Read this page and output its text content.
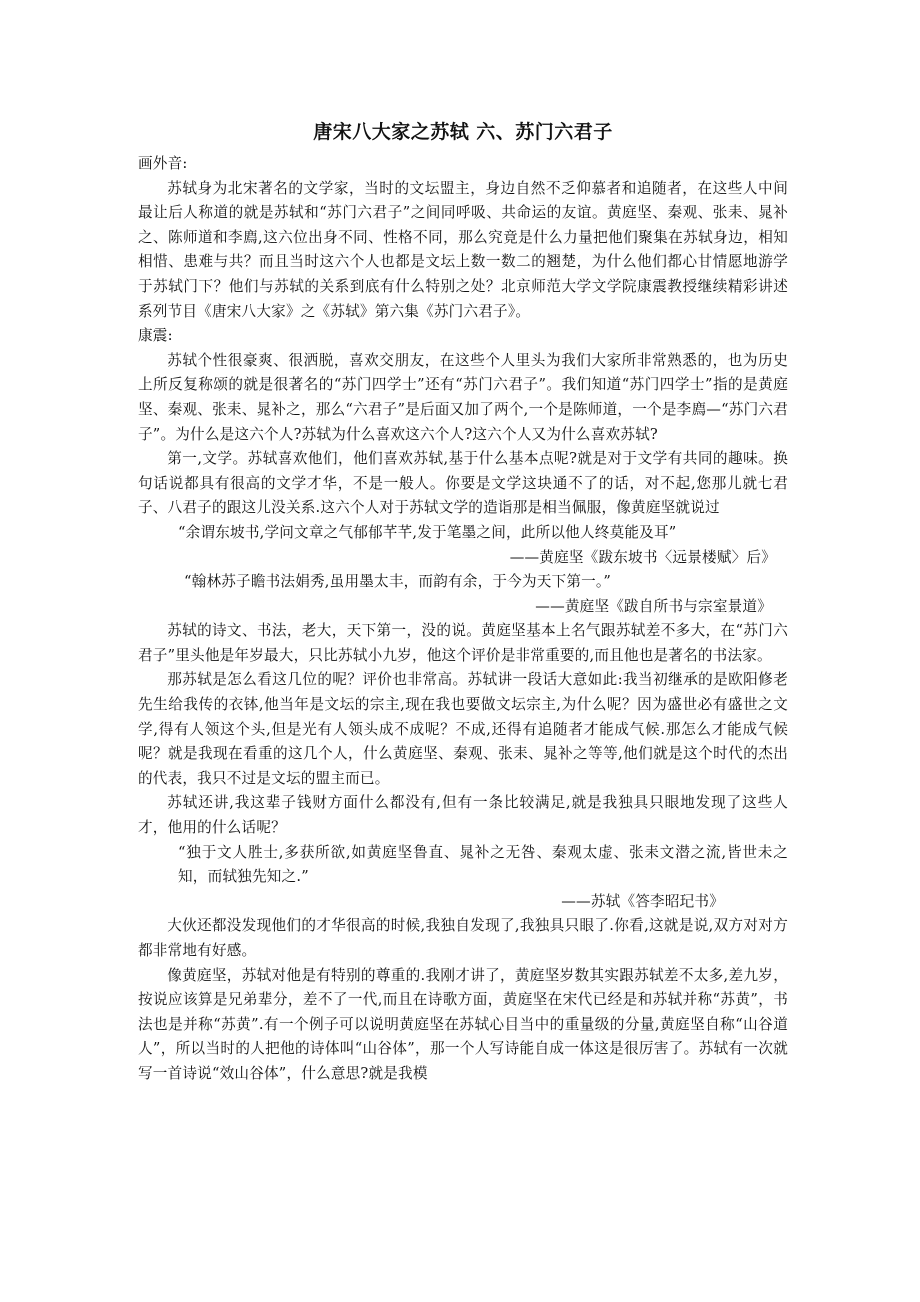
唐宋八大家之苏轼 六、苏门六君子

画外音:

苏轼身为北宋著名的文学家，当时的文坛盟主，身边自然不乏仰慕者和追随者，在这些人中间最让后人称道的就是苏轼和“苏门六君子”之间同呼吸、共命运的友谊。黄庭坚、秦观、张耒、晁补之、陈师道和李廌,这六位出身不同、性格不同，那么究竟是什么力量把他们聚集在苏轼身边，相知相惜、患难与共？而且当时这六个人也都是文坛上数一数二的翘楚，为什么他们都心甘情愿地游学于苏轼门下？他们与苏轼的关系到底有什么特别之处？北京师范大学文学院康震教授继续精彩讲述系列节目《唐宋八大家》之《苏轼》第六集《苏门六君子》。

康震:

苏轼个性很豪爽、很洒脱，喜欢交朋友，在这些个人里头为我们大家所非常熟悉的，也为历史上所反复称颂的就是很著名的“苏门四学士”还有“苏门六君子”。我们知道“苏门四学士”指的是黄庭坚、秦观、张耒、晁补之，那么“六君子”是后面又加了两个,一个是陈师道，一个是李廌—“苏门六君子”。为什么是这六个人?苏轼为什么喜欢这六个人?这六个人又为什么喜欢苏轼?

第一,文学。苏轼喜欢他们，他们喜欢苏轼,基于什么基本点呢?就是对于文学有共同的趣味。换句话说都具有很高的文学才华，不是一般人。你要是文学这块通不了的话，对不起,您那儿就七君子、八君子的跟这儿没关系.这六个人对于苏轼文学的造诣那是相当佩服，像黄庭坚就说过

“余谓东坡书,学问文章之气郁郁芊芊,发于笔墨之间，此所以他人终莫能及耳”

——黄庭坚《跋东坡书〈远景楼赋〉后》

“翰林苏子瞻书法娟秀,虽用墨太丰，而韵有余，于今为天下第一。”

——黄庭坚《跋自所书与宗室景道》

苏轼的诗文、书法，老大，天下第一，没的说。黄庭坚基本上名气跟苏轼差不多大，在“苏门六君子”里头他是年岁最大，只比苏轼小九岁，他这个评价是非常重要的,而且他也是著名的书法家。

那苏轼是怎么看这几位的呢？评价也非常高。苏轼讲一段话大意如此:我当初继承的是欧阳修老先生给我传的衣钵,他当年是文坛的宗主,现在我也要做文坛宗主,为什么呢？因为盛世必有盛世之文学,得有人领这个头,但是光有人领头成不成呢？不成,还得有追随者才能成气候.那怎么才能成气候呢？就是我现在看重的这几个人，什么黄庭坚、秦观、张耒、晁补之等等,他们就是这个时代的杰出的代表，我只不过是文坛的盟主而已。

苏轼还讲,我这辈子钱财方面什么都没有,但有一条比较满足,就是我独具只眼地发现了这些人才，他用的什么话呢？

“独于文人胜士,多获所欲,如黄庭坚鲁直、晁补之无咎、秦观太虚、张耒文潜之流,皆世未之知，而轼独先知之.”

——苏轼《答李昭玘书》

大伙还都没发现他们的才华很高的时候,我独自发现了,我独具只眼了.你看,这就是说,双方对对方都非常地有好感。

像黄庭坚，苏轼对他是有特别的尊重的.我刚才讲了，黄庭坚岁数其实跟苏轼差不太多,差九岁，按说应该算是兄弟辈分，差不了一代,而且在诗歌方面，黄庭坚在宋代已经是和苏轼并称“苏黄”，书法也是并称“苏黄”.有一个例子可以说明黄庭坚在苏轼心目当中的重量级的分量,黄庭坚自称“山谷道人”，所以当时的人把他的诗体叫“山谷体”，那一个人写诗能自成一体这是很厉害了。苏轼有一次就写一首诗说“效山谷体”，什么意思?就是我模
